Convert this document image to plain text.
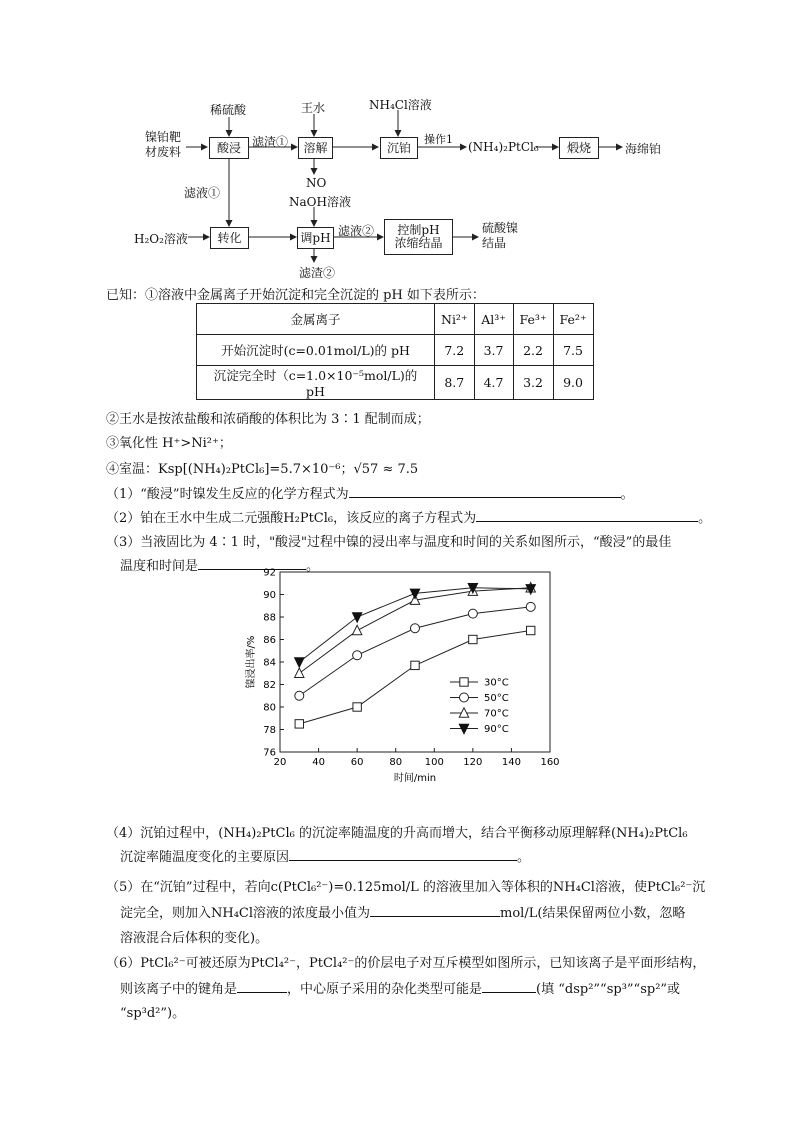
镍铂靶材废料
稀硫酸
酸浸 滤渣①
王水
溶解
NO
NH₄Cl溶液
沉铂
操作1
(NH₄)₂PtCl₆	煅烧	海绵铂
滤液①
H₂O₂溶液	转化
NaOH溶液
调pH 滤液②	控制pH
浓缩结晶
硫酸镍
结晶
滤渣②
已知：①溶液中金属离子开始沉淀和完全沉淀的 pH 如下表所示：
金属离子	Ni²⁺	Al³⁺	Fe³⁺	Fe²⁺
开始沉淀时(c=0.01mol/L)的 pH	7.2	3.7	2.2	7.5
沉淀完全时（c=1.0×10⁻⁵mol/L)的 pH	8.7	4.7	3.2	9.0
②王水是按浓盐酸和浓硝酸的体积比为 3∶1 配制而成；
③氧化性 H⁺>Ni²⁺；
④室温：Ksp[(NH₄)₂PtCl₆]=5.7×10⁻⁶；√57 ≈ 7.5
（1）“酸浸”时镍发生反应的化学方程式为	。
（2）铂在王水中生成二元强酸H₂PtCl₆，该反应的离子方程式为	。
（3）当液固比为 4∶1 时，"酸浸"过程中镍的浸出率与温度和时间的关系如图所示，“酸浸”的最佳
温度和时间是	。
20	40	60	80 100 120 140 160
76
78
80
82
84
86
88
90
92
30°C
50°C
70°C
90°C
时间/min
镍浸出率/%
（4）沉铂过程中，(NH₄)₂PtCl₆ 的沉淀率随温度的升高而增大，结合平衡移动原理解释(NH₄)₂PtCl₆
沉淀率随温度变化的主要原因	。
（5）在“沉铂”过程中，若向c(PtCl₆²⁻)=0.125mol/L 的溶液里加入等体积的NH₄Cl溶液，使PtCl₆²⁻沉
淀完全，则加入NH₄Cl溶液的浓度最小值为	mol/L(结果保留两位小数，忽略
溶液混合后体积的变化)。
（6）PtCl₆²⁻可被还原为PtCl₄²⁻，PtCl₄²⁻的价层电子对互斥模型如图所示，已知该离子是平面形结构，
则该离子中的键角是	，中心原子采用的杂化类型可能是	(填 “dsp²”“sp³”“sp²”或
“sp³d²”)。
